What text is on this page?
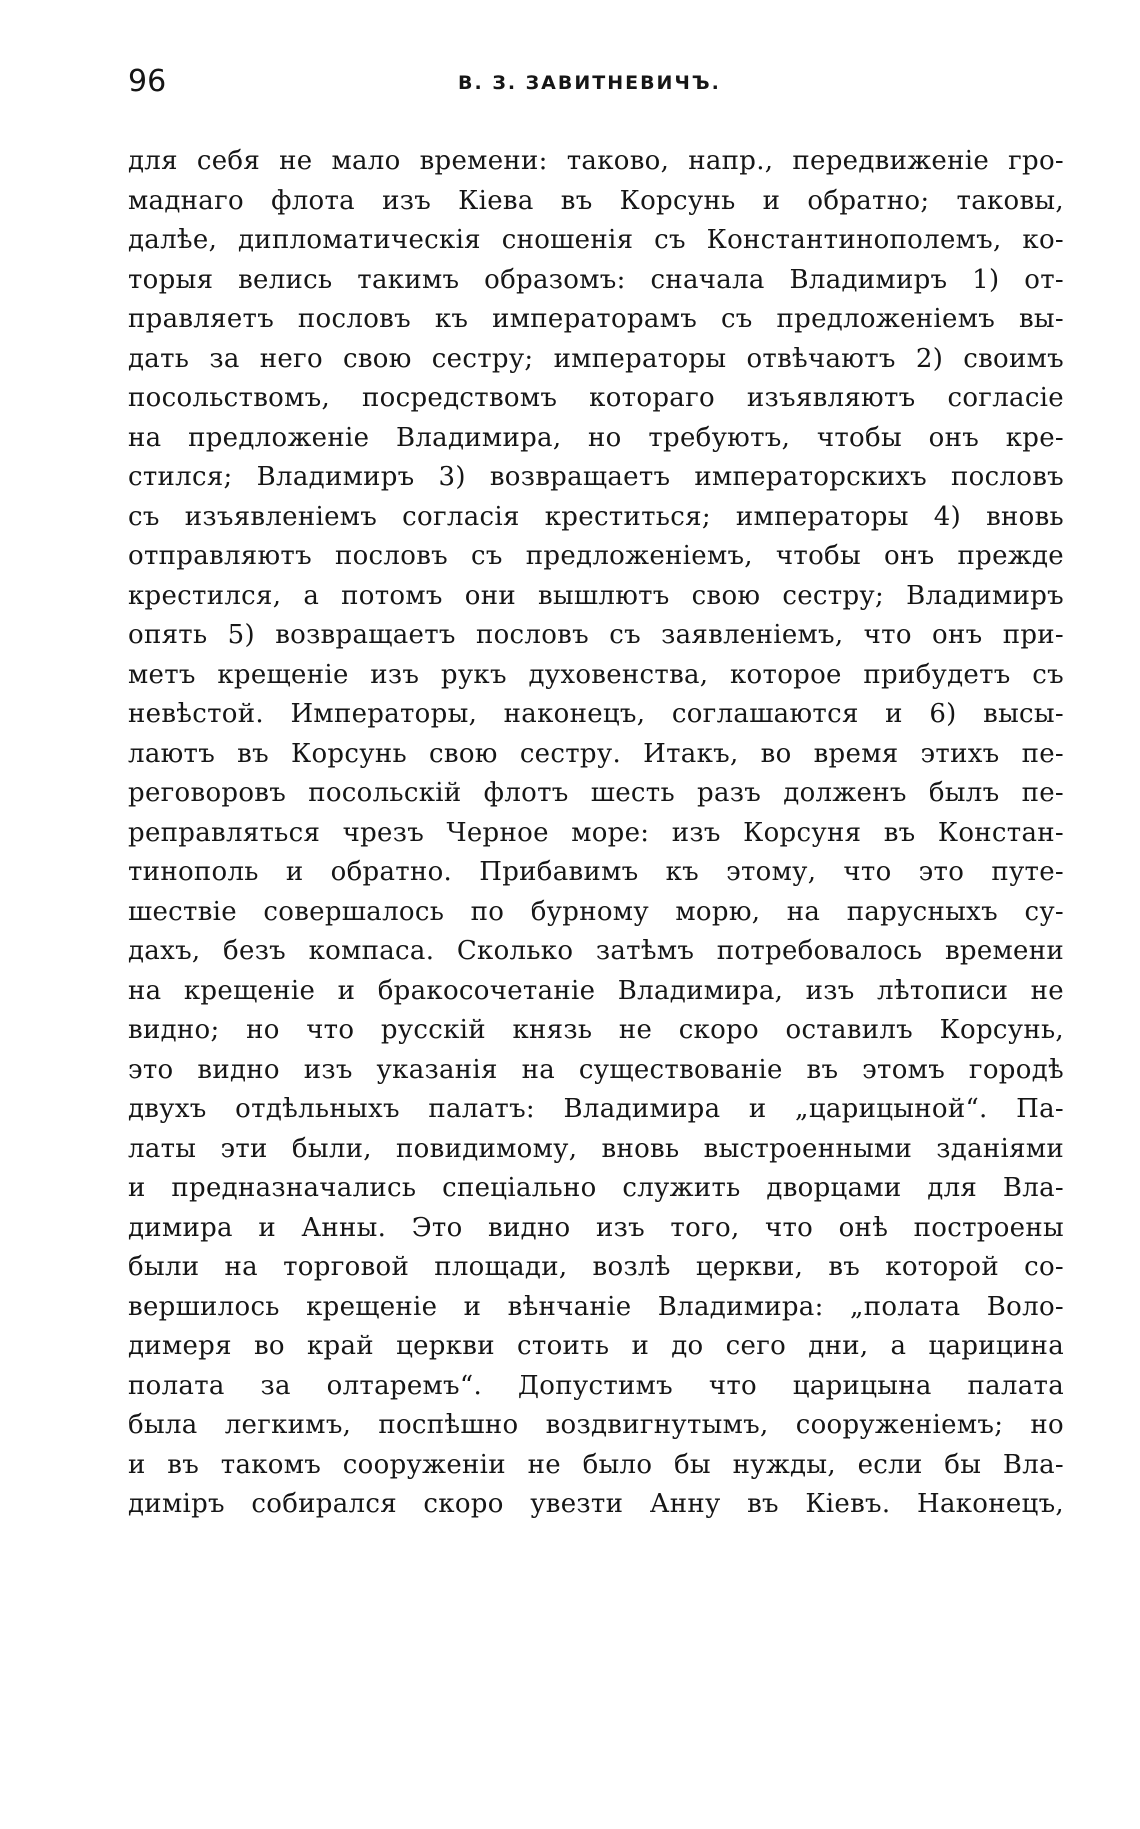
96	В. З. ЗАВИТНЕВИЧЪ.
для себя не мало времени: таково, напр., передвиженіе гро-
маднаго флота изъ Кіева въ Корсунь и обратно; таковы,
далѣе, дипломатическія сношенія съ Константинополемъ, ко-
торыя велись такимъ образомъ: сначала Владимиръ 1) от-
правляетъ пословъ къ императорамъ съ предложеніемъ вы-
дать за него свою сестру; императоры отвѣчаютъ 2) своимъ
посольствомъ, посредствомъ котораго изъявляютъ согласіе
на предложеніе Владимира, но требуютъ, чтобы онъ кре-
стился; Владимиръ 3) возвращаетъ императорскихъ пословъ
съ изъявленіемъ согласія креститься; императоры 4) вновь
отправляютъ пословъ съ предложеніемъ, чтобы онъ прежде
крестился, а потомъ они вышлютъ свою сестру; Владимиръ
опять 5) возвращаетъ пословъ съ заявленіемъ, что онъ при-
метъ крещеніе изъ рукъ духовенства, которое прибудетъ съ
невѣстой. Императоры, наконецъ, соглашаются и 6) высы-
лаютъ въ Корсунь свою сестру. Итакъ, во время этихъ пе-
реговоровъ посольскій флотъ шесть разъ долженъ былъ пе-
реправляться чрезъ Черное море: изъ Корсуня въ Констан-
тинополь и обратно. Прибавимъ къ этому, что это путе-
шествіе совершалось по бурному морю, на парусныхъ су-
дахъ, безъ компаса. Сколько затѣмъ потребовалось времени
на крещеніе и бракосочетаніе Владимира, изъ лѣтописи не
видно; но что русскій князь не скоро оставилъ Корсунь,
это видно изъ указанія на существованіе въ этомъ городѣ
двухъ отдѣльныхъ палатъ: Владимира и „царицыной“. Па-
латы эти были, повидимому, вновь выстроенными зданіями
и предназначались спеціально служить дворцами для Вла-
димира и Анны. Это видно изъ того, что онѣ построены
были на торговой площади, возлѣ церкви, въ которой со-
вершилось крещеніе и вѣнчаніе Владимира: „полата Воло-
димеря во край церкви стоить и до сего дни, а царицина
полата за олтаремъ“. Допустимъ что царицына палата
была легкимъ, поспѣшно воздвигнутымъ, сооруженіемъ; но
и въ такомъ сооруженіи не было бы нужды, если бы Вла-
диміръ собирался скоро увезти Анну въ Кіевъ. Наконецъ,
